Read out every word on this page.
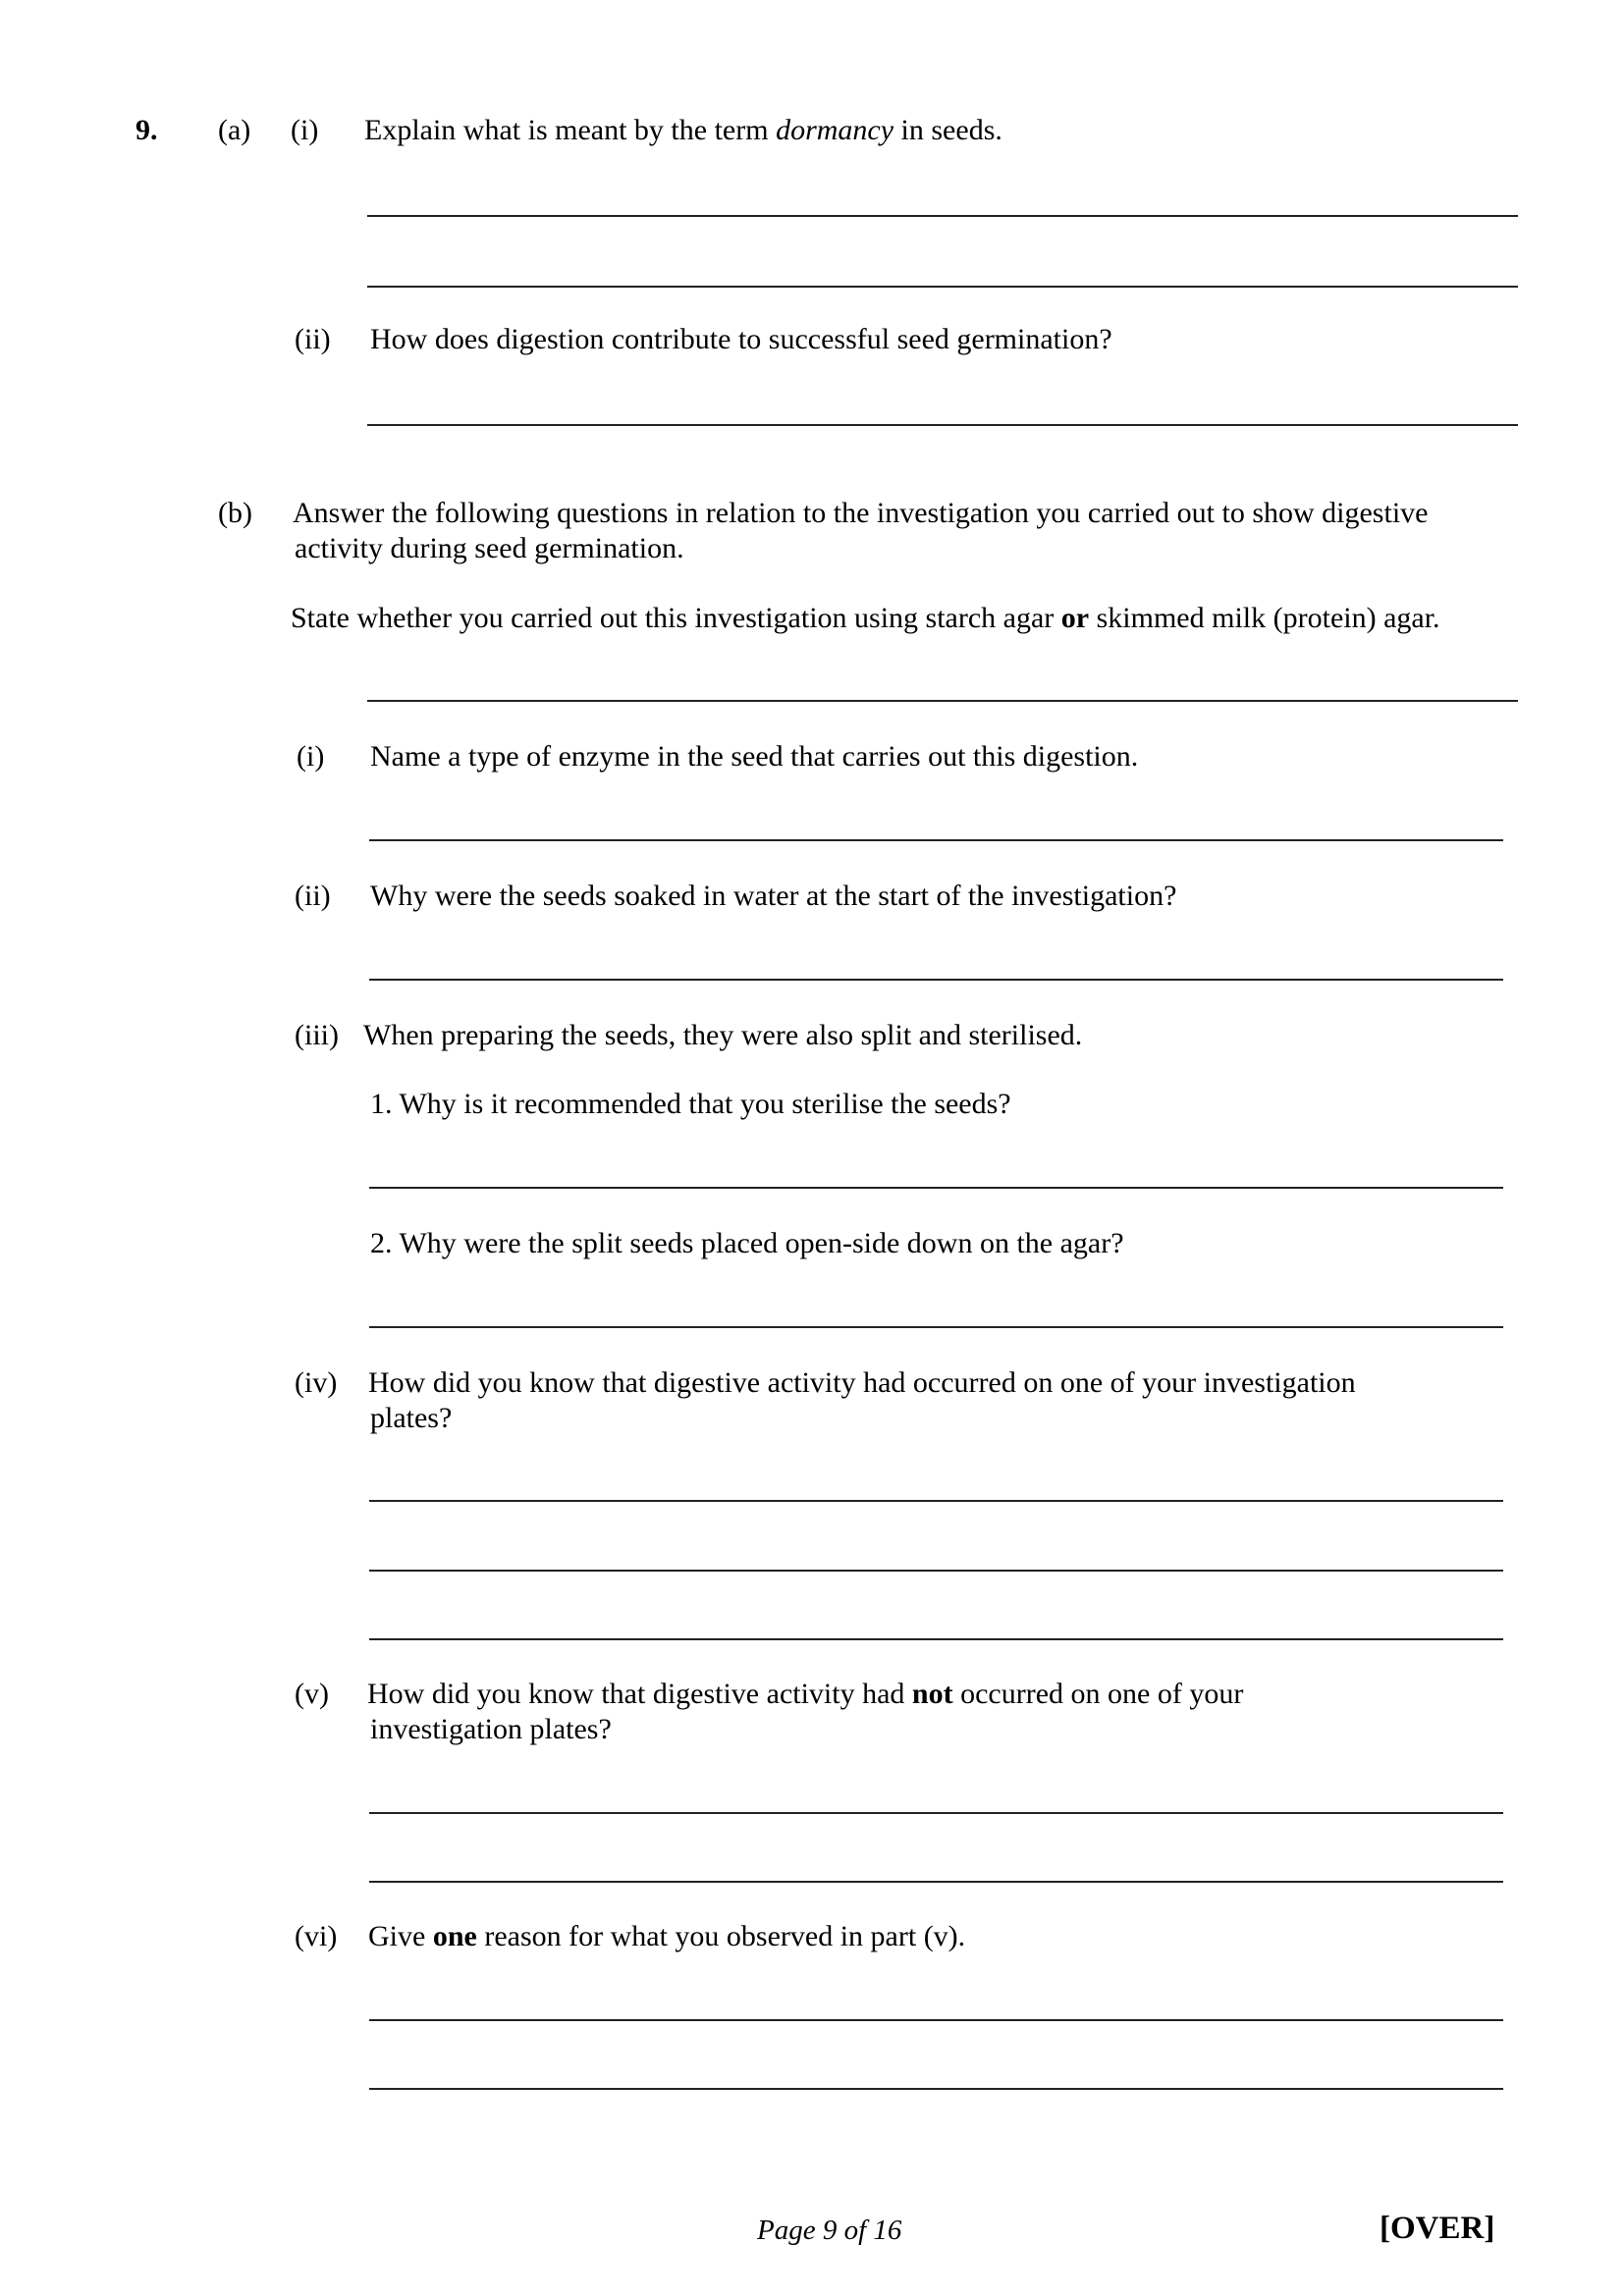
9. (a) (i) Explain what is meant by the term dormancy in seeds.
(ii) How does digestion contribute to successful seed germination?
(b) Answer the following questions in relation to the investigation you carried out to show digestive
activity during seed germination.
State whether you carried out this investigation using starch agar or skimmed milk (protein) agar.
(i) Name a type of enzyme in the seed that carries out this digestion.
(ii) Why were the seeds soaked in water at the start of the investigation?
(iii) When preparing the seeds, they were also split and sterilised.
1. Why is it recommended that you sterilise the seeds?
2. Why were the split seeds placed open-side down on the agar?
(iv) How did you know that digestive activity had occurred on one of your investigation
plates?
(v) How did you know that digestive activity had not occurred on one of your
investigation plates?
(vi) Give one reason for what you observed in part (v).
Page 9 of 16	[OVER]
